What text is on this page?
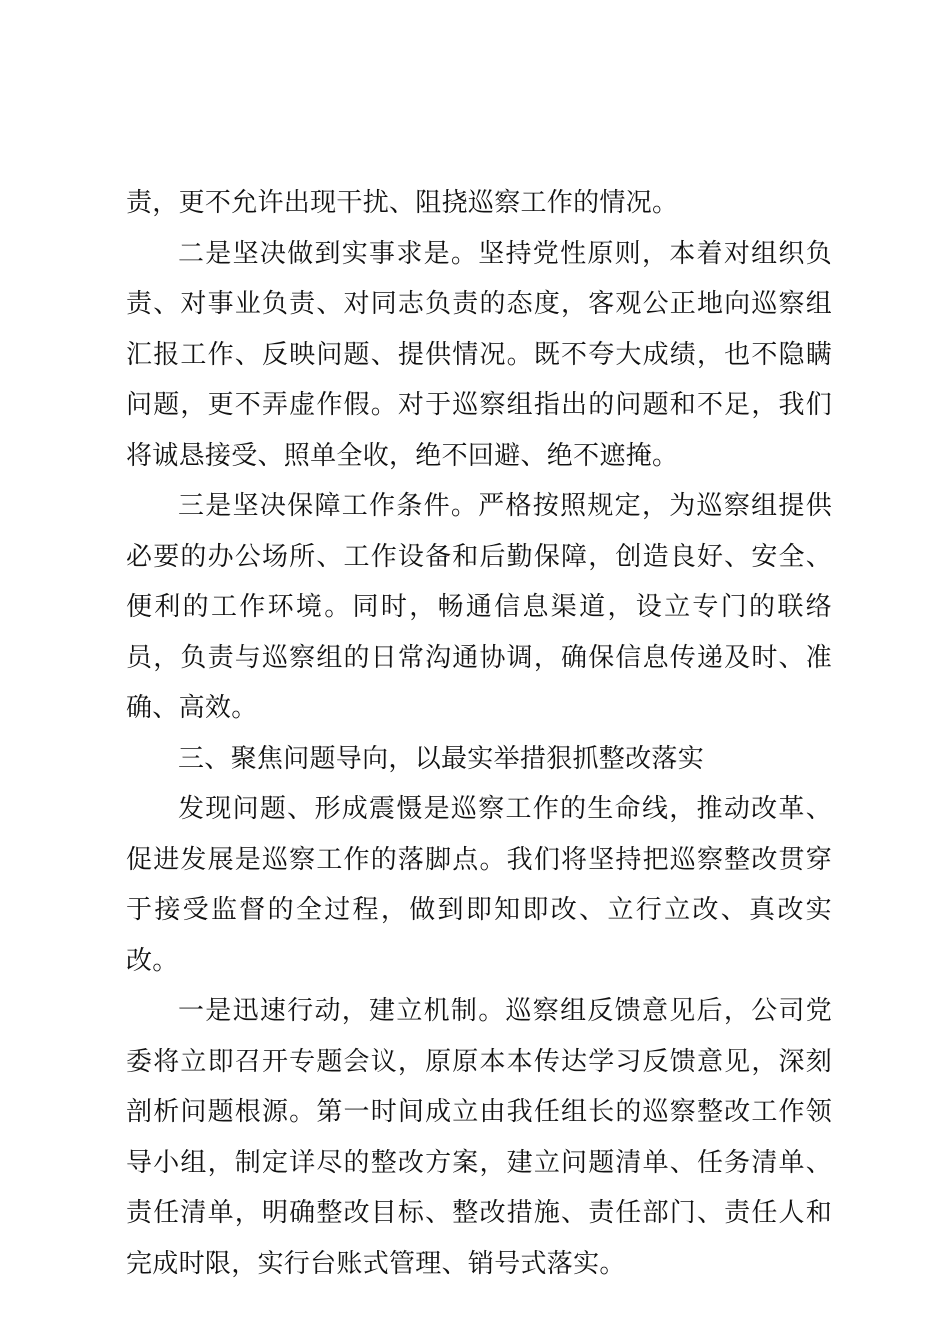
责，更不允许出现干扰、阻挠巡察工作的情况。

二是坚决做到实事求是。坚持党性原则，本着对组织负责、对事业负责、对同志负责的态度，客观公正地向巡察组汇报工作、反映问题、提供情况。既不夸大成绩，也不隐瞒问题，更不弄虚作假。对于巡察组指出的问题和不足，我们将诚恳接受、照单全收，绝不回避、绝不遮掩。

三是坚决保障工作条件。严格按照规定，为巡察组提供必要的办公场所、工作设备和后勤保障，创造良好、安全、便利的工作环境。同时，畅通信息渠道，设立专门的联络员，负责与巡察组的日常沟通协调，确保信息传递及时、准确、高效。

三、聚焦问题导向，以最实举措狠抓整改落实

发现问题、形成震慑是巡察工作的生命线，推动改革、促进发展是巡察工作的落脚点。我们将坚持把巡察整改贯穿于接受监督的全过程，做到即知即改、立行立改、真改实改。

一是迅速行动，建立机制。巡察组反馈意见后，公司党委将立即召开专题会议，原原本本传达学习反馈意见，深刻剖析问题根源。第一时间成立由我任组长的巡察整改工作领导小组，制定详尽的整改方案，建立问题清单、任务清单、责任清单，明确整改目标、整改措施、责任部门、责任人和完成时限，实行台账式管理、销号式落实。
